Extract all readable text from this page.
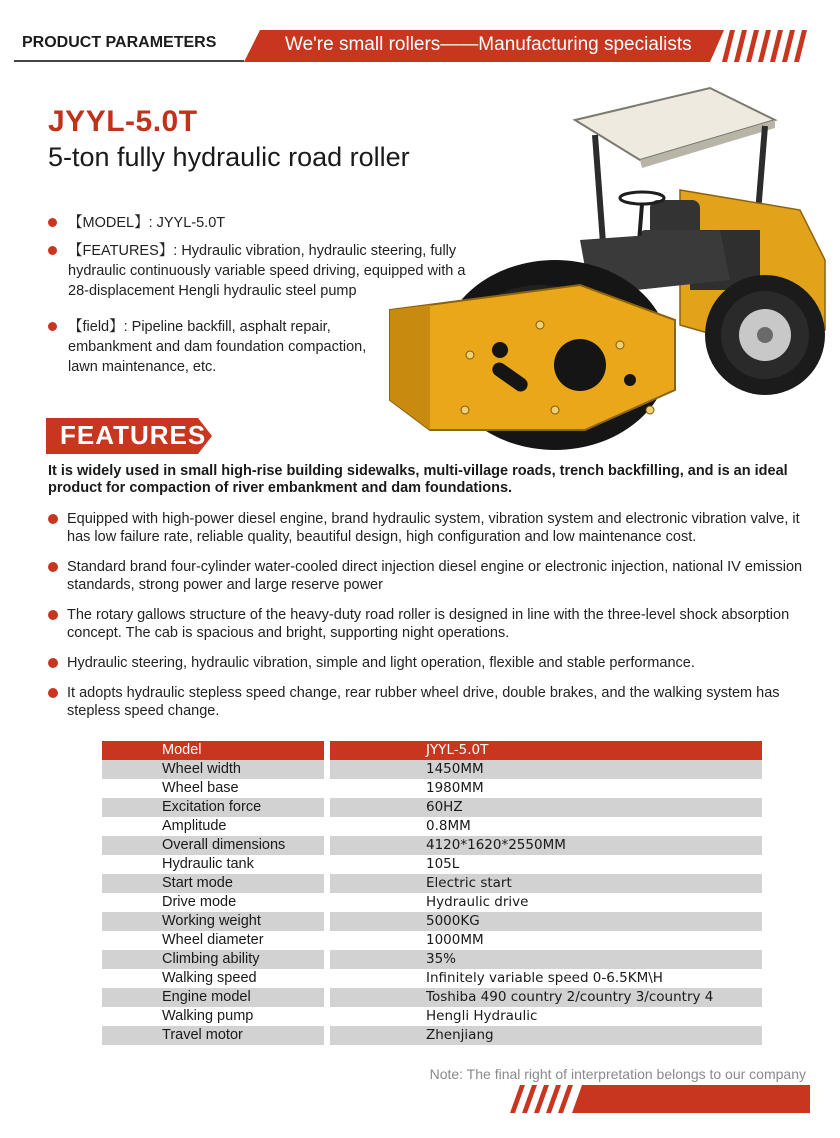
PRODUCT PARAMETERS	We're small rollers——Manufacturing specialists
JYYL-5.0T
5-ton fully hydraulic road roller
【MODEL】: JYYL-5.0T
【FEATURES】: Hydraulic vibration, hydraulic steering, fully hydraulic continuously variable speed driving, equipped with a 28-displacement Hengli hydraulic steel pump
【field】: Pipeline backfill, asphalt repair, embankment and dam foundation compaction, lawn maintenance, etc.
FEATURES
It is widely used in small high-rise building sidewalks, multi-village roads, trench backfilling, and is an ideal product for compaction of river embankment and dam foundations.
Equipped with high-power diesel engine, brand hydraulic system, vibration system and electronic vibration valve, it has low failure rate, reliable quality, beautiful design, high configuration and low maintenance cost.
Standard brand four-cylinder water-cooled direct injection diesel engine or electronic injection, national IV emission standards, strong power and large reserve power
The rotary gallows structure of the heavy-duty road roller is designed in line with the three-level shock absorption concept. The cab is spacious and bright, supporting night operations.
Hydraulic steering, hydraulic vibration, simple and light operation, flexible and stable performance.
It adopts hydraulic stepless speed change, rear rubber wheel drive, double brakes, and the walking system has stepless speed change.
Model	JYYL-5.0T
Wheel width	1450MM
Wheel base	1980MM
Excitation force	60HZ
Amplitude	0.8MM
Overall dimensions	4120*1620*2550MM
Hydraulic tank	105L
Start mode	Electric start
Drive mode	Hydraulic drive
Working weight	5000KG
Wheel diameter	1000MM
Climbing ability	35%
Walking speed	Infinitely variable speed 0-6.5KM\H
Engine model	Toshiba 490 country 2/country 3/country 4
Walking pump	Hengli Hydraulic
Travel motor	Zhenjiang
Note: The final right of interpretation belongs to our company
